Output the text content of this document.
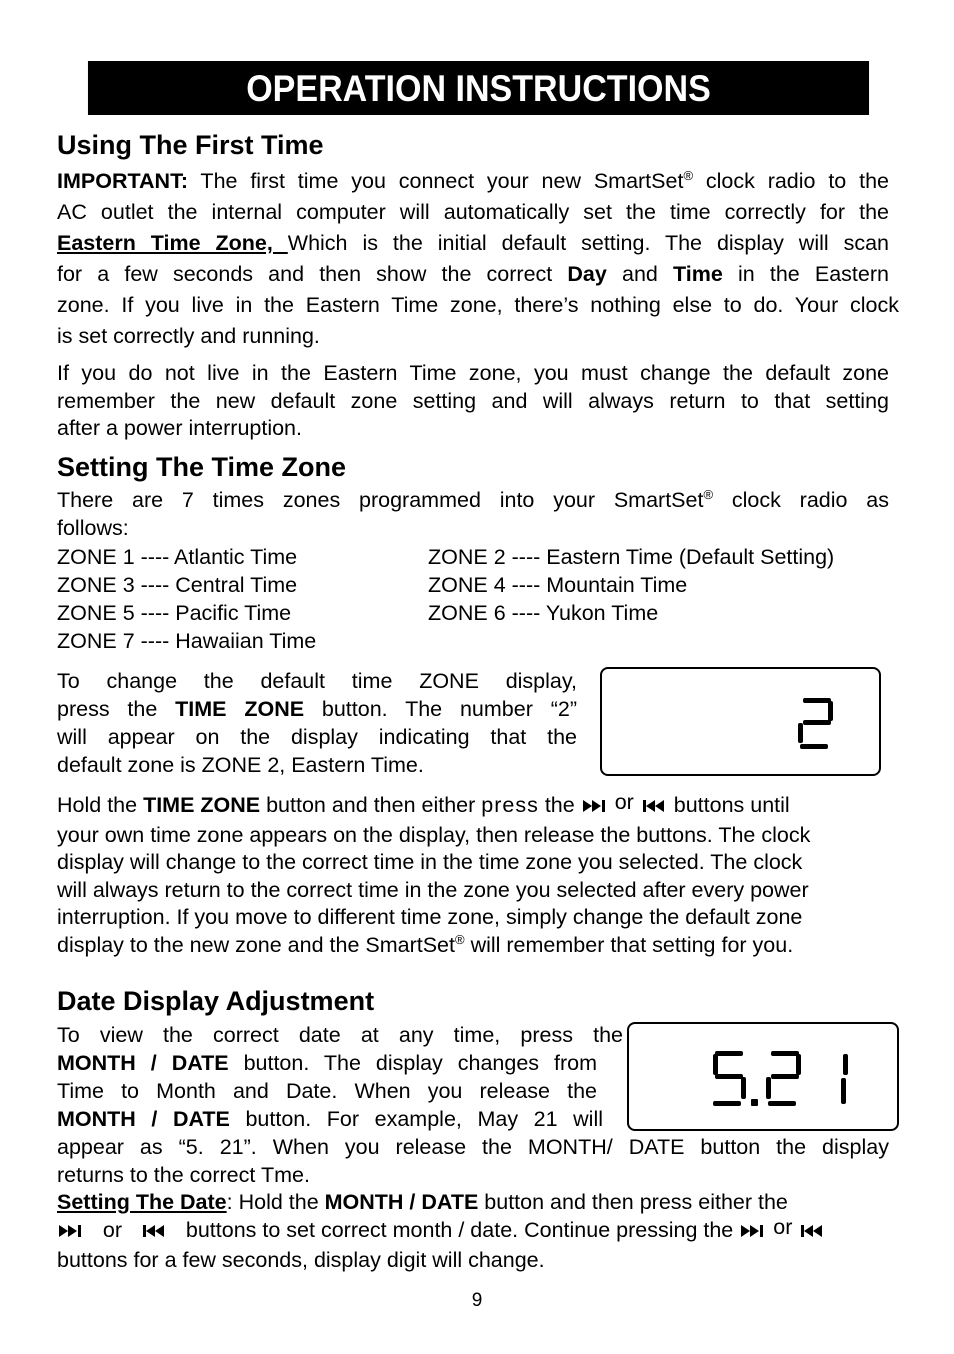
OPERATION INSTRUCTIONS
Using The First Time
IMPORTANT: The first time you connect your new SmartSet® clock radio to the
AC outlet the internal computer will automatically set the time correctly for the
Eastern Time Zone, Which is the initial default setting. The display will scan
for a few seconds and then show the correct Day and Time in the Eastern
zone. If you live in the Eastern Time zone, there’s nothing else to do. Your clock
is set correctly and running.
If you do not live in the Eastern Time zone, you must change the default zone
remember the new default zone setting and will always return to that setting
after a power interruption.
Setting The Time Zone
There are 7 times zones programmed into your SmartSet® clock radio as
follows:
ZONE 1 ---- Atlantic Time	ZONE 2 ---- Eastern Time (Default Setting)
ZONE 3 ---- Central Time	ZONE 4 ---- Mountain Time
ZONE 5 ---- Pacific Time	ZONE 6 ---- Yukon Time
ZONE 7 ---- Hawaiian Time
To change the default time ZONE display,
press the TIME ZONE button. The number “2”
will appear on the display indicating that the
default zone is ZONE 2, Eastern Time.
Hold the TIME ZONE button and then either press the  or  buttons until
your own time zone appears on the display, then release the buttons. The clock
display will change to the correct time in the time zone you selected. The clock
will always return to the correct time in the zone you selected after every power
interruption. If you move to different time zone, simply change the default zone
display to the new zone and the SmartSet® will remember that setting for you.
Date Display Adjustment
To view the correct date at any time, press the
MONTH / DATE button. The display changes from
Time to Month and Date. When you release the
MONTH / DATE button. For example, May 21 will
appear as “5. 21”. When you release the MONTH/ DATE button the display
returns to the correct Tme.
Setting The Date: Hold the MONTH / DATE button and then press either the
or      buttons to set correct month / date. Continue pressing the  or
buttons for a few seconds, display digit will change.
9
